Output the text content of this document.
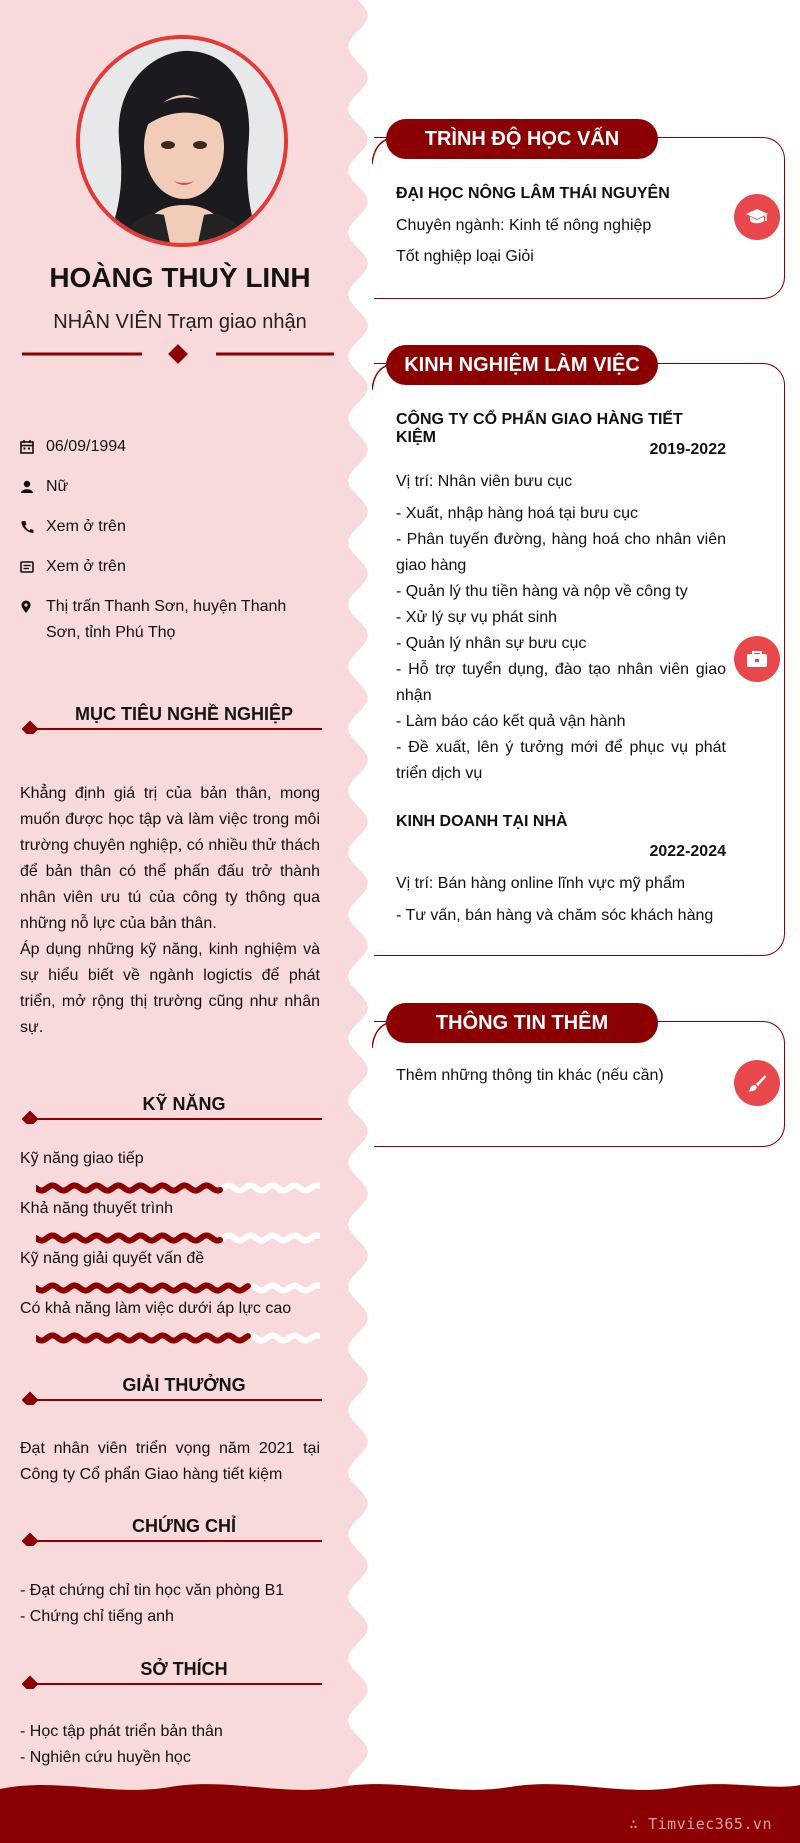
∴ Timviec365.vn
HOÀNG THUỲ LINH
NHÂN VIÊN Trạm giao nhận
06/09/1994
Nữ
Xem ở trên
Xem ở trên
Thị trấn Thanh Sơn, huyện Thanh Sơn, tỉnh Phú Thọ
MỤC TIÊU NGHỀ NGHIỆP

Khẳng định giá trị của bản thân, mong muốn được học tập và làm việc trong môi trường chuyên nghiệp, có nhiều thử thách để bản thân có thể phấn đấu trở thành nhân viên ưu tú của công ty thông qua những nỗ lực của bản thân.

Áp dụng những kỹ năng, kinh nghiệm và sự hiểu biết về ngành logictis để phát triển, mở rộng thị trường cũng như nhân sự.

KỸ NĂNG
Kỹ năng giao tiếp
Khả năng thuyết trình
Kỹ năng giải quyết vấn đề
Có khả năng làm việc dưới áp lực cao
GIẢI THƯỞNG
Đạt nhân viên triển vọng năm 2021 tại Công ty Cổ phẩn Giao hàng tiết kiệm
CHỨNG CHỈ
- Đạt chứng chỉ tin học văn phòng B1
- Chứng chỉ tiếng anh
SỞ THÍCH
- Học tập phát triển bản thân
- Nghiên cứu huyền học
TRÌNH ĐỘ HỌC VẤN
ĐẠI HỌC NÔNG LÂM THÁI NGUYÊN
Chuyên ngành: Kinh tế nông nghiệp
Tốt nghiệp loại Giỏi
KINH NGHIỆM LÀM VIỆC
CÔNG TY CỔ PHẨN GIAO HÀNG TIẾT KIỆM
2019-2022
Vị trí: Nhân viên bưu cục
- Xuất, nhập hàng hoá tại bưu cục
- Phân tuyến đường, hàng hoá cho nhân viên giao hàng
- Quản lý thu tiền hàng và nộp về công ty
- Xử lý sự vụ phát sinh
- Quản lý nhân sự bưu cục
- Hỗ trợ tuyển dụng, đào tạo nhân viên giao nhận
- Làm báo cáo kết quả vận hành
- Đề xuất, lên ý tưởng mới để phục vụ phát triển dịch vụ
KINH DOANH TẠI NHÀ
2022-2024
Vị trí: Bán hàng online lĩnh vực mỹ phẩm
- Tư vấn, bán hàng và chăm sóc khách hàng
THÔNG TIN THÊM
Thêm những thông tin khác (nếu cần)
